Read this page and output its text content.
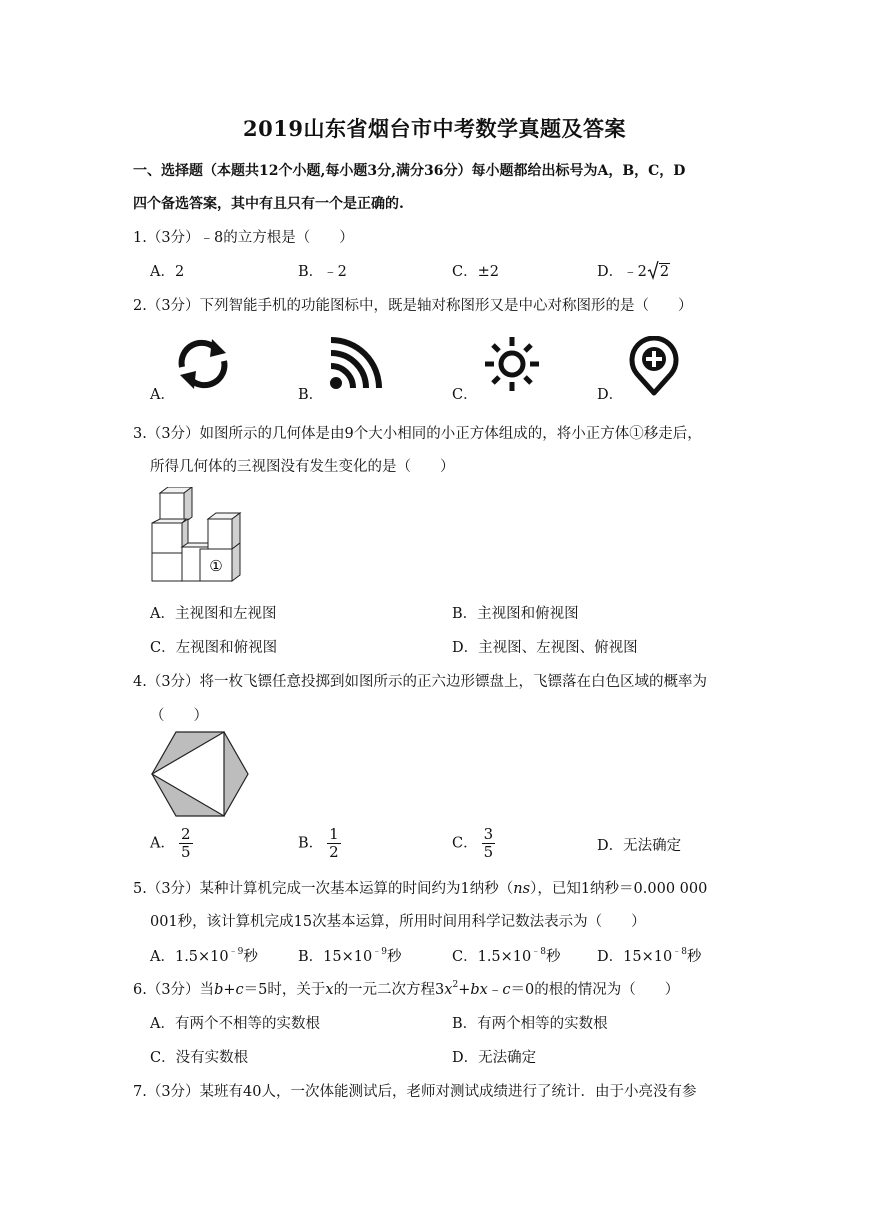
2019山东省烟台市中考数学真题及答案
一、选择题（本题共12个小题,每小题3分,满分36分）每小题都给出标号为A，B，C，D
四个备选答案，其中有且只有一个是正确的.
1.（3分）﹣8的立方根是（　　）
A．2	B．﹣2	C．±2	D．﹣2 2
2.（3分）下列智能手机的功能图标中，既是轴对称图形又是中心对称图形的是（　　）
A．	B．	C．	D．
3.（3分）如图所示的几何体是由9个大小相同的小正方体组成的，将小正方体①移走后，
所得几何体的三视图没有发生变化的是（　　）
①
A．主视图和左视图	B．主视图和俯视图
C．左视图和俯视图	D．主视图、左视图、俯视图
4.（3分）将一枚飞镖任意投掷到如图所示的正六边形镖盘上，飞镖落在白色区域的概率为
（　　）
A． $\frac{2}{5}$	B． $\frac{1}{2}$	C． $\frac{3}{5}$	D．无法确定
5.（3分）某种计算机完成一次基本运算的时间约为1纳秒（ns），已知1纳秒＝0.000 000
001秒，该计算机完成15次基本运算，所用时间用科学记数法表示为（　　）
A．$1.5\times 10^{﹣9}$秒	B．$15\times 10^{﹣9}$秒	C．$1.5\times 10^{﹣8}$秒	D．$15\times 10^{﹣8}$秒
6.（3分）当b+c＝5时，关于x的一元二次方程$3x^2+bx﹣c=0$的根的情况为（　　）
A．有两个不相等的实数根	B．有两个相等的实数根
C．没有实数根	D．无法确定
7.（3分）某班有40人，一次体能测试后，老师对测试成绩进行了统计．由于小亮没有参
